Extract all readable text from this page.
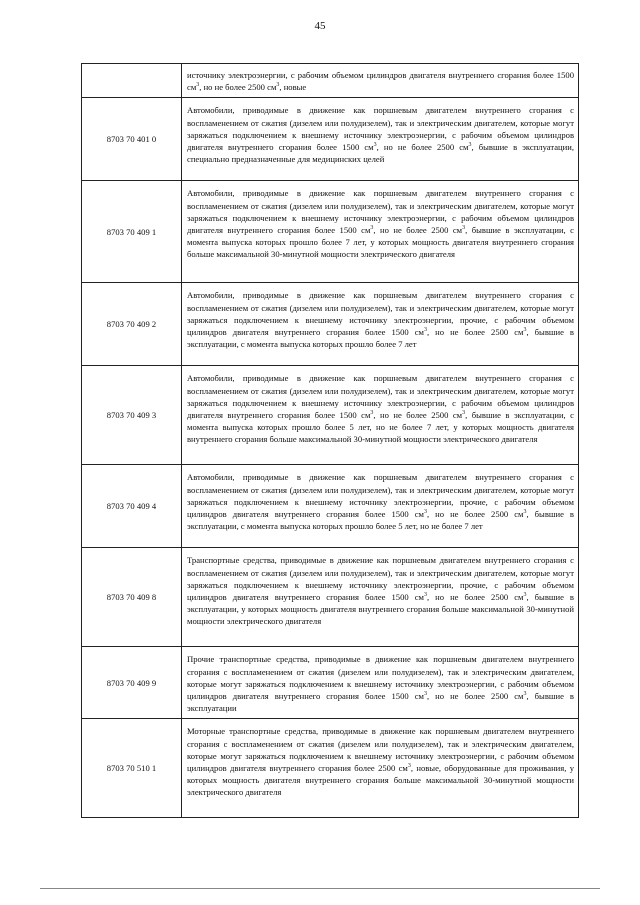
45
	источнику электроэнергии, с рабочим объемом цилиндров двигателя внутреннего сгорания более 1500 $см^3$, но не более 2500 $см^3$, новые
8703 70 401 0	Автомобили, приводимые в движение как поршневым двигателем внутреннего сгорания с воспламенением от сжатия (дизелем или полудизелем), так и электрическим двигателем, которые могут заряжаться подключением к внешнему источнику электроэнергии, с рабочим объемом цилиндров двигателя внутреннего сгорания более 1500 $см^3$, но не более 2500 $см^3$, бывшие в эксплуатации, специально предназначенные для медицинских целей
8703 70 409 1	Автомобили, приводимые в движение как поршневым двигателем внутреннего сгорания с воспламенением от сжатия (дизелем или полудизелем), так и электрическим двигателем, которые могут заряжаться подключением к внешнему источнику электроэнергии, с рабочим объемом цилиндров двигателя внутреннего сгорания более 1500 $см^3$, но не более 2500 $см^3$, бывшие в эксплуатации, с момента выпуска которых прошло более 7 лет, у которых мощность двигателя внутреннего сгорания больше максимальной 30-минутной мощности электрического двигателя
8703 70 409 2	Автомобили, приводимые в движение как поршневым двигателем внутреннего сгорания с воспламенением от сжатия (дизелем или полудизелем), так и электрическим двигателем, которые могут заряжаться подключением к внешнему источнику электроэнергии, прочие, с рабочим объемом цилиндров двигателя внутреннего сгорания более 1500 $см^3$, но не более 2500 $см^3$, бывшие в эксплуатации, с момента выпуска которых прошло более 7 лет
8703 70 409 3	Автомобили, приводимые в движение как поршневым двигателем внутреннего сгорания с воспламенением от сжатия (дизелем или полудизелем), так и электрическим двигателем, которые могут заряжаться подключением к внешнему источнику электроэнергии, с рабочим объемом цилиндров двигателя внутреннего сгорания более 1500 $см^3$, но не более 2500 $см^3$, бывшие в эксплуатации, с момента выпуска которых прошло более 5 лет, но не более 7 лет, у которых мощность двигателя внутреннего сгорания больше максимальной 30-минутной мощности электрического двигателя
8703 70 409 4	Автомобили, приводимые в движение как поршневым двигателем внутреннего сгорания с воспламенением от сжатия (дизелем или полудизелем), так и электрическим двигателем, которые могут заряжаться подключением к внешнему источнику электроэнергии, прочие, с рабочим объемом цилиндров двигателя внутреннего сгорания более 1500 $см^3$, но не более 2500 $см^3$, бывшие в эксплуатации, с момента выпуска которых прошло более 5 лет, но не более 7 лет
8703 70 409 8	Транспортные средства, приводимые в движение как поршневым двигателем внутреннего сгорания с воспламенением от сжатия (дизелем или полудизелем), так и электрическим двигателем, которые могут заряжаться подключением к внешнему источнику электроэнергии, прочие, с рабочим объемом цилиндров двигателя внутреннего сгорания более 1500 $см^3$, но не более 2500 $см^3$, бывшие в эксплуатации, у которых мощность двигателя внутреннего сгорания больше максимальной 30-минутной мощности электрического двигателя
8703 70 409 9	Прочие транспортные средства, приводимые в движение как поршневым двигателем внутреннего сгорания с воспламенением от сжатия (дизелем или полудизелем), так и электрическим двигателем, которые могут заряжаться подключением к внешнему источнику электроэнергии, с рабочим объемом цилиндров двигателя внутреннего сгорания более 1500 $см^3$, но не более 2500 $см^3$, бывшие в эксплуатации
8703 70 510 1	Моторные транспортные средства, приводимые в движение как поршневым двигателем внутреннего сгорания с воспламенением от сжатия (дизелем или полудизелем), так и электрическим двигателем, которые могут заряжаться подключением к внешнему источнику электроэнергии, с рабочим объемом цилиндров двигателя внутреннего сгорания более 2500 $см^3$, новые, оборудованные для проживания, у которых мощность двигателя внутреннего сгорания больше максимальной 30-минутной мощности электрического двигателя
